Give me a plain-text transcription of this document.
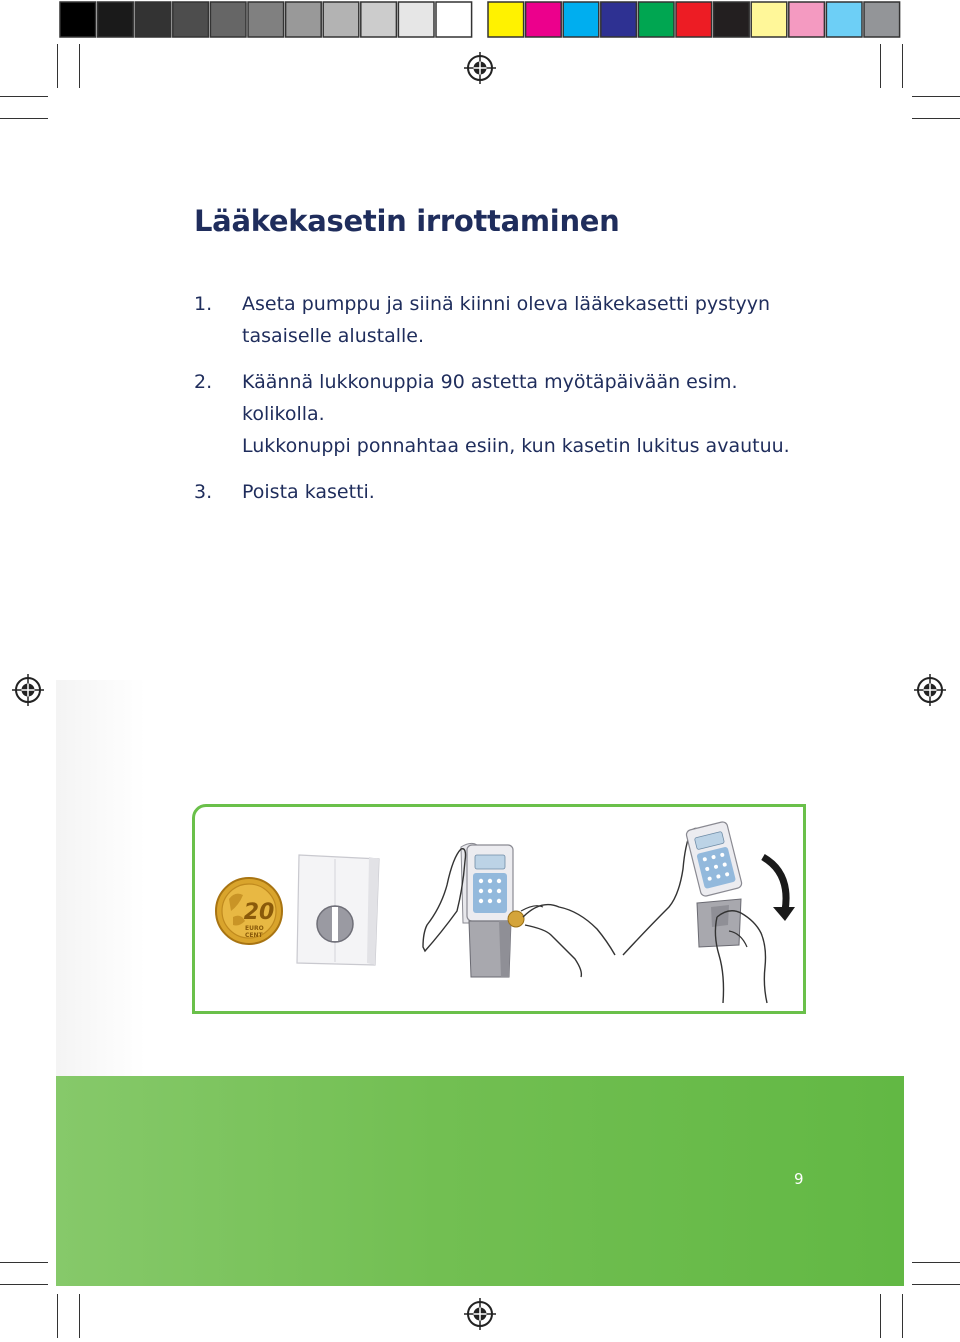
Lääkekasetin irrottaminen
1.	Aseta pumppu ja siinä kiinni oleva lääkekasetti pystyyn
tasaiselle alustalle.
2.	Käännä lukkonuppia 90 astetta myötäpäivään esim.
kolikolla.
Lukkonuppi ponnahtaa esiin, kun kasetin lukitus avautuu.
3.	Poista kasetti.
20
EURO
CENT
9
